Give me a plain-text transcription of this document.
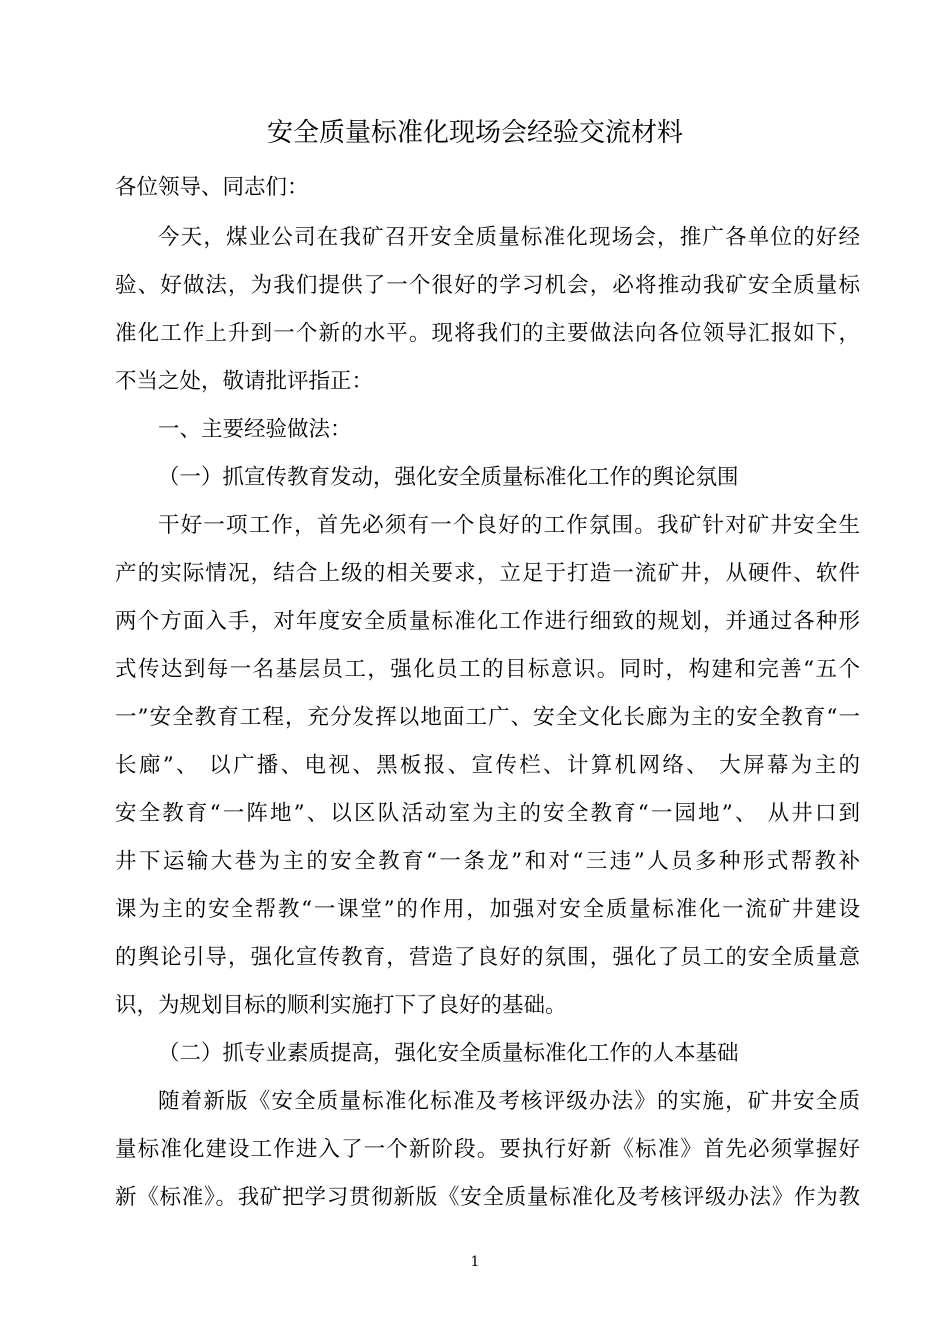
安全质量标准化现场会经验交流材料
各位领导、同志们：
今天，煤业公司在我矿召开安全质量标准化现场会，推广各单位的好经
验、好做法，为我们提供了一个很好的学习机会，必将推动我矿安全质量标
准化工作上升到一个新的水平。现将我们的主要做法向各位领导汇报如下，
不当之处，敬请批评指正：
一、主要经验做法：
（一）抓宣传教育发动，强化安全质量标准化工作的舆论氛围
干好一项工作，首先必须有一个良好的工作氛围。我矿针对矿井安全生
产的实际情况，结合上级的相关要求，立足于打造一流矿井，从硬件、软件
两个方面入手，对年度安全质量标准化工作进行细致的规划，并通过各种形
式传达到每一名基层员工，强化员工的目标意识。同时，构建和完善“五个
一”安全教育工程，充分发挥以地面工广、安全文化长廊为主的安全教育“一
长廊”、 以广播、电视、黑板报、宣传栏、计算机网络、 大屏幕为主的
安全教育“一阵地”、以区队活动室为主的安全教育“一园地”、 从井口到
井下运输大巷为主的安全教育“一条龙”和对“三违”人员多种形式帮教补
课为主的安全帮教“一课堂”的作用，加强对安全质量标准化一流矿井建设
的舆论引导，强化宣传教育，营造了良好的氛围，强化了员工的安全质量意
识，为规划目标的顺利实施打下了良好的基础。
（二）抓专业素质提高，强化安全质量标准化工作的人本基础
随着新版《安全质量标准化标准及考核评级办法》的实施，矿井安全质
量标准化建设工作进入了一个新阶段。要执行好新《标准》首先必须掌握好
新《标准》。我矿把学习贯彻新版《安全质量标准化及考核评级办法》作为教
1
